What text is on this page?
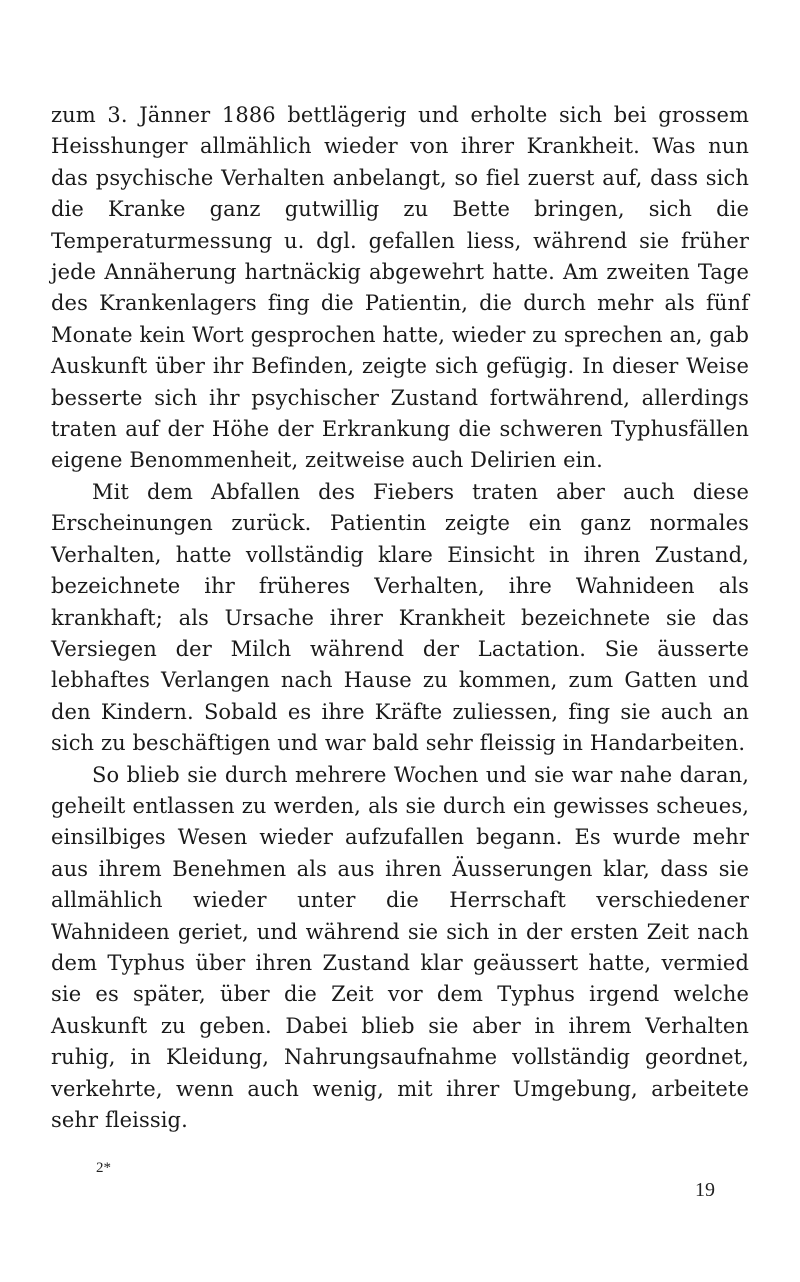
zum 3. Jänner 1886 bettlägerig und erholte sich bei grossem Heisshunger allmählich wieder von ihrer Krankheit. Was nun das psychische Verhalten anbelangt, so fiel zuerst auf, dass sich die Kranke ganz gutwillig zu Bette bringen, sich die Temperaturmessung u. dgl. gefallen liess, während sie früher jede Annäherung hartnäckig abgewehrt hatte. Am zweiten Tage des Krankenlagers fing die Patientin, die durch mehr als fünf Monate kein Wort gesprochen hatte, wieder zu sprechen an, gab Auskunft über ihr Befinden, zeigte sich gefügig. In dieser Weise besserte sich ihr psychischer Zustand fortwährend, allerdings traten auf der Höhe der Erkrankung die schweren Typhusfällen eigene Benommenheit, zeitweise auch Delirien ein.

Mit dem Abfallen des Fiebers traten aber auch diese Erscheinungen zurück. Patientin zeigte ein ganz normales Verhalten, hatte vollständig klare Einsicht in ihren Zustand, bezeichnete ihr früheres Verhalten, ihre Wahnideen als krankhaft; als Ursache ihrer Krankheit bezeichnete sie das Versiegen der Milch während der Lactation. Sie äusserte lebhaftes Verlangen nach Hause zu kommen, zum Gatten und den Kindern. Sobald es ihre Kräfte zuliessen, fing sie auch an sich zu beschäftigen und war bald sehr fleissig in Handarbeiten.

So blieb sie durch mehrere Wochen und sie war nahe daran, geheilt entlassen zu werden, als sie durch ein gewisses scheues, einsilbiges Wesen wieder aufzufallen begann. Es wurde mehr aus ihrem Benehmen als aus ihren Äusserungen klar, dass sie allmählich wieder unter die Herrschaft verschiedener Wahnideen geriet, und während sie sich in der ersten Zeit nach dem Typhus über ihren Zustand klar geäussert hatte, vermied sie es später, über die Zeit vor dem Typhus irgend welche Auskunft zu geben. Dabei blieb sie aber in ihrem Verhalten ruhig, in Kleidung, Nahrungsaufnahme vollständig geordnet, verkehrte, wenn auch wenig, mit ihrer Umgebung, arbeitete sehr fleissig.

2*
19
